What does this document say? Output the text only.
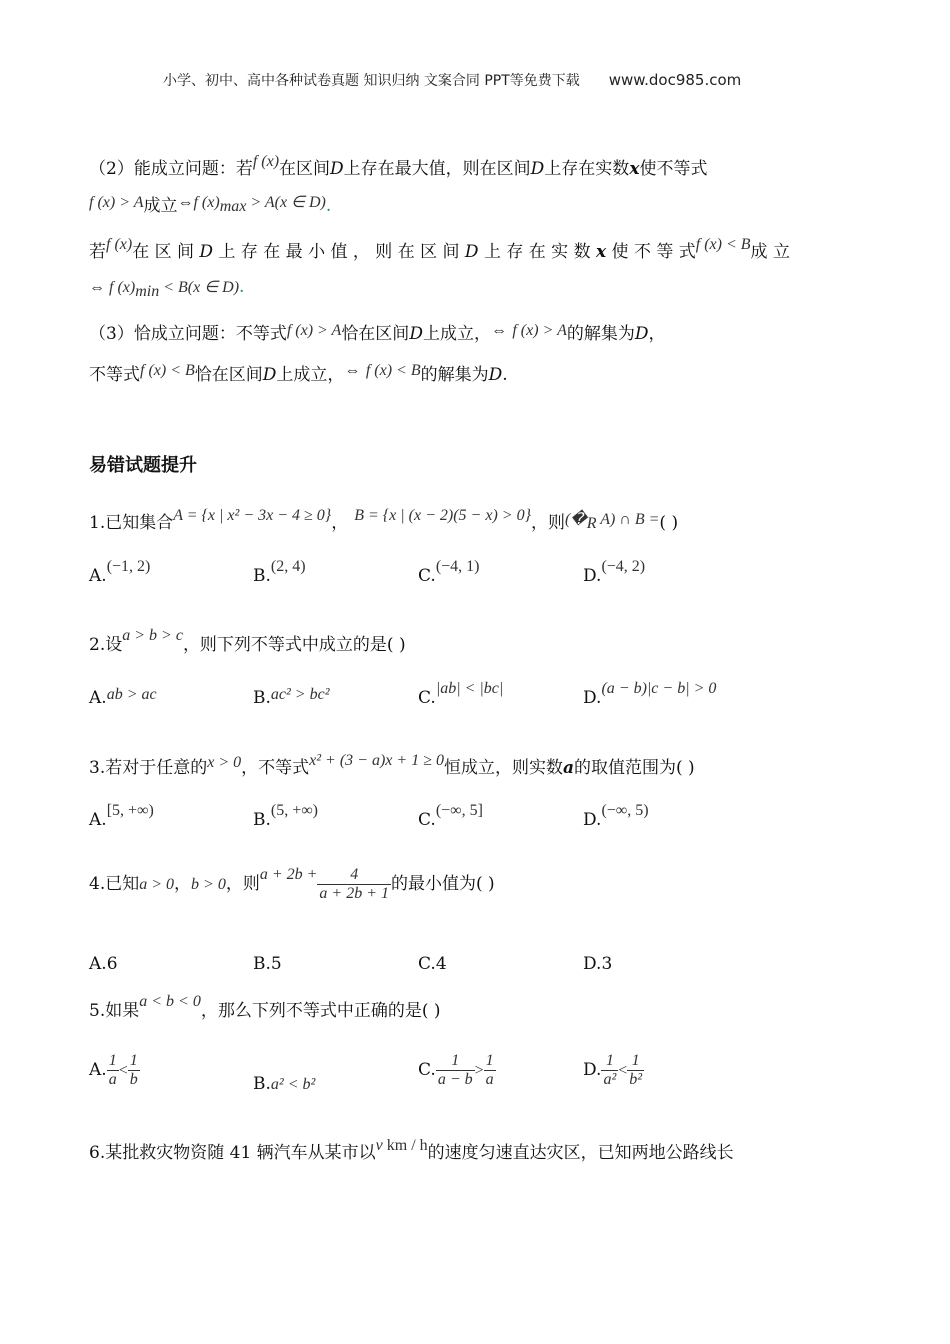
小学、初中、高中各种试卷真题 知识归纳 文案合同 PPT等免费下载 www.doc985.com
（2）能成立问题：若f (x)在区间D上存在最大值，则在区间D上存在实数x使不等式
f (x) > A成立⇔f $(x)_{max} > A(x$ ∈ D).
若f (x)在 区 间 D 上 存 在 最 小 值 ， 则 在 区 间 D 上 存 在 实 数 x 使 不 等 式f (x) < B成 立
⇔ f $(x)_{min} < B(x$ ∈ D).
（3）恰成立问题：不等式f (x) > A恰在区间D上成立，⇔ f (x) > A的解集为D，
不等式f (x) < B恰在区间D上成立，⇔ f (x) < B的解集为D.
易错试题提升
1.已知集合A = {x | x² − 3x − 4 ≥ 0}， B = {x | (x − 2)(5 − x) > 0}，则($�_R$ A) ∩ B =( )
A.(−1, 2)	B.(2, 4)	C.(−4, 1)	D.(−4, 2)
2.设a > b > c，则下列不等式中成立的是( )
A.ab > ac	B.ac² > bc²	C.|ab| < |bc|	D.(a − b)|c − b| > 0
3.若对于任意的x > 0，不等式x² + (3 − a)x + 1 ≥ 0恒成立，则实数a的取值范围为( )
A.[5, +∞)	B.(5, +∞)	C.(−∞, 5]	D.(−∞, 5)
4.已知a > 0，b > 0，则$a + 2b + \frac{4}{a + 2b + 1}$ 的最小值为( )
A.6	B.5	C.4	D.3
5.如果a < b < 0，那么下列不等式中正确的是( )
A. $\frac{1}{a} < \frac{1}{b}$	B.a² < b²
C. $\frac{1}{a - b} > \frac{1}{a}$	D. $\frac{1}{\text{a²}} < \frac{1}{\text{b²}}$
6.某批救灾物资随 41 辆汽车从某市以v km / h的速度匀速直达灾区，已知两地公路线长
